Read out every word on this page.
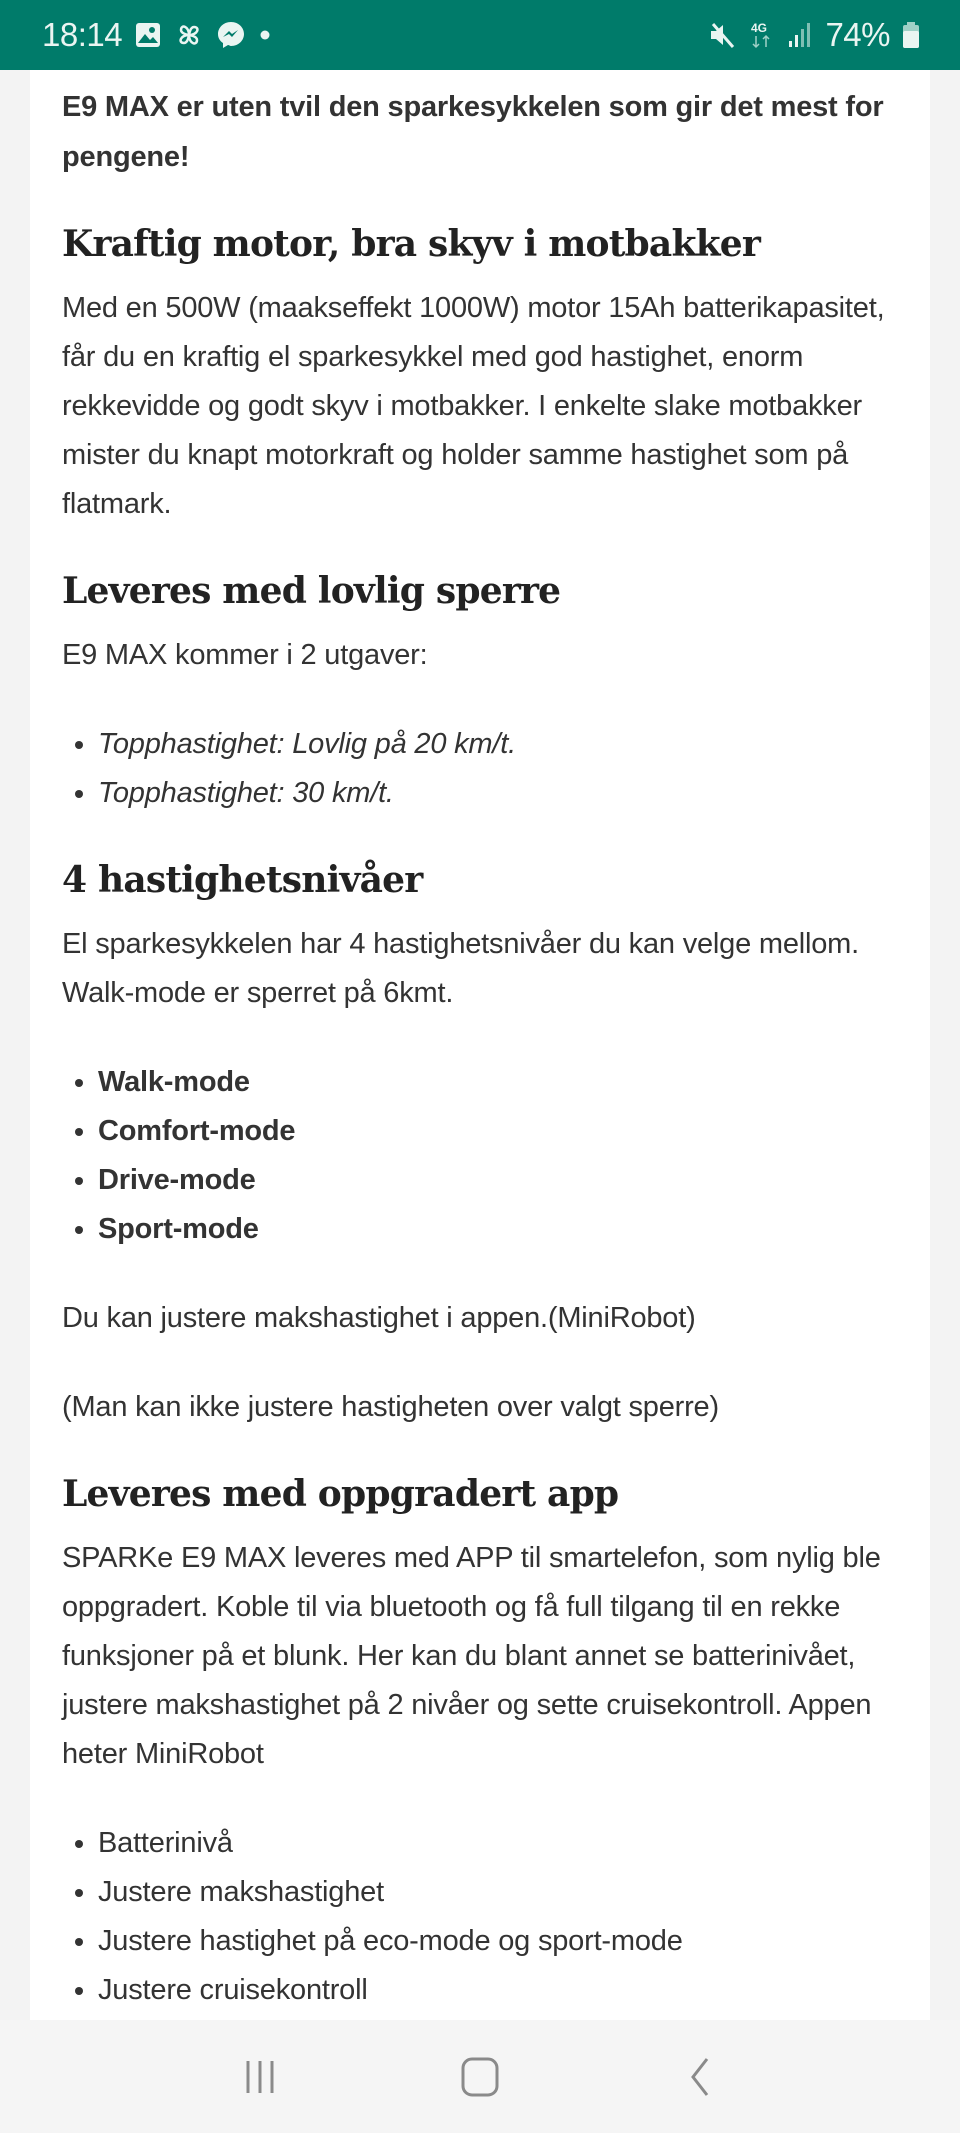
18:14	4G 74%

E9 MAX er uten tvil den sparkesykkelen som gir det mest for pengene!

Kraftig motor, bra skyv i motbakker

Med en 500W (maakseffekt 1000W) motor 15Ah batterikapasitet, får du en kraftig el sparkesykkel med god hastighet, enorm rekkevidde og godt skyv i motbakker. I enkelte slake motbakker mister du knapt motorkraft og holder samme hastighet som på flatmark.

Leveres med lovlig sperre

E9 MAX kommer i 2 utgaver:

• Topphastighet: Lovlig på 20 km/t.
• Topphastighet: 30 km/t.
4 hastighetsnivåer

El sparkesykkelen har 4 hastighetsnivåer du kan velge mellom. Walk-mode er sperret på 6kmt.

• Walk-mode
• Comfort-mode
• Drive-mode
• Sport-mode

Du kan justere makshastighet i appen.(MiniRobot)

(Man kan ikke justere hastigheten over valgt sperre)

Leveres med oppgradert app

SPARKe E9 MAX leveres med APP til smartelefon, som nylig ble oppgradert. Koble til via bluetooth og få full tilgang til en rekke funksjoner på et blunk. Her kan du blant annet se batterinivået, justere makshastighet på 2 nivåer og sette cruisekontroll. Appen heter MiniRobot

• Batterinivå
• Justere makshastighet
• Justere hastighet på eco-mode og sport-mode
• Justere cruisekontroll
